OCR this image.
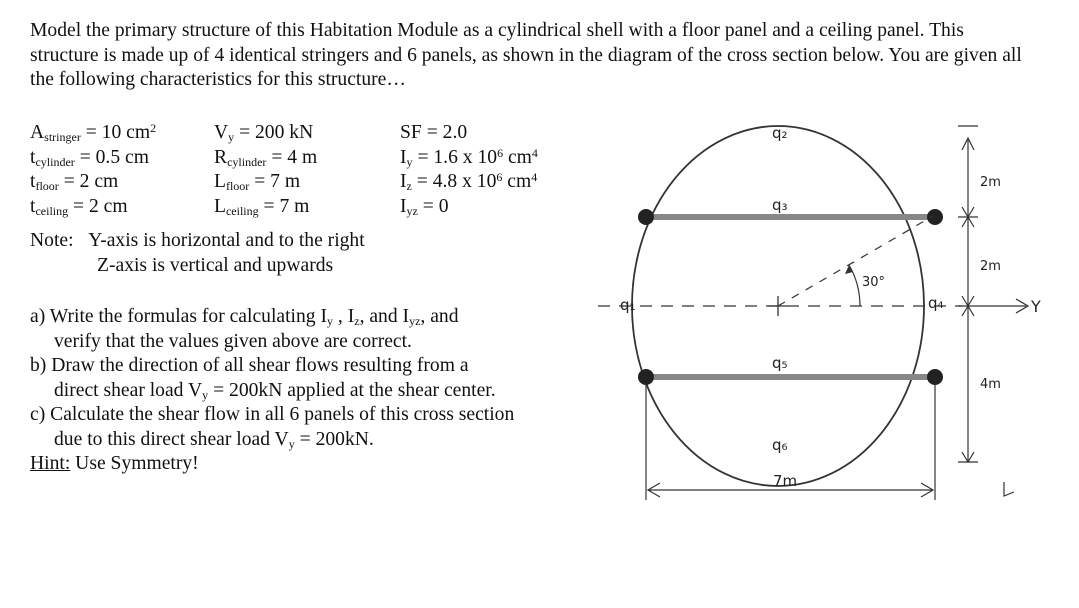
Model the primary structure of this Habitation Module as a cylindrical shell with a floor panel and a ceiling panel. This structure is made up of 4 identical stringers and 6 panels, as shown in the diagram of the cross section below. You are given all the following characteristics for this structure…
$A_{stringer} = 10$ $cm^2$	$V_y = 200$ kN	SF = 2.0
$t_{cylinder} = 0.5$ cm	$R_{cylinder} = 4$ m	$I_y = 1.6$ x $10^6$ $cm^4$
$t_{floor} = 2$ cm	$L_{floor} = 7$ m	$I_z = 4.8$ x $10^6$ $cm^4$
$t_{ceiling} = 2$ cm	$L_{ceiling} = 7$ m	$I_{yz} = 0$
Note: Y-axis is horizontal and to the right
Z-axis is vertical and upwards
a) Write the formulas for calculating $I_y$ , $I_z$, and $I_{yz}$, and
verify that the values given above are correct.
b) Draw the direction of all shear flows resulting from a
direct shear load $V_y = 200kN$ applied at the shear center.
c) Calculate the shear flow in all 6 panels of this cross section
due to this direct shear load $V_y = 200kN$.
Hint: Use Symmetry!
30°
q₁
q₂
q₃
q₄
q₅
q₆
7m
2m
2m
4m
Y
